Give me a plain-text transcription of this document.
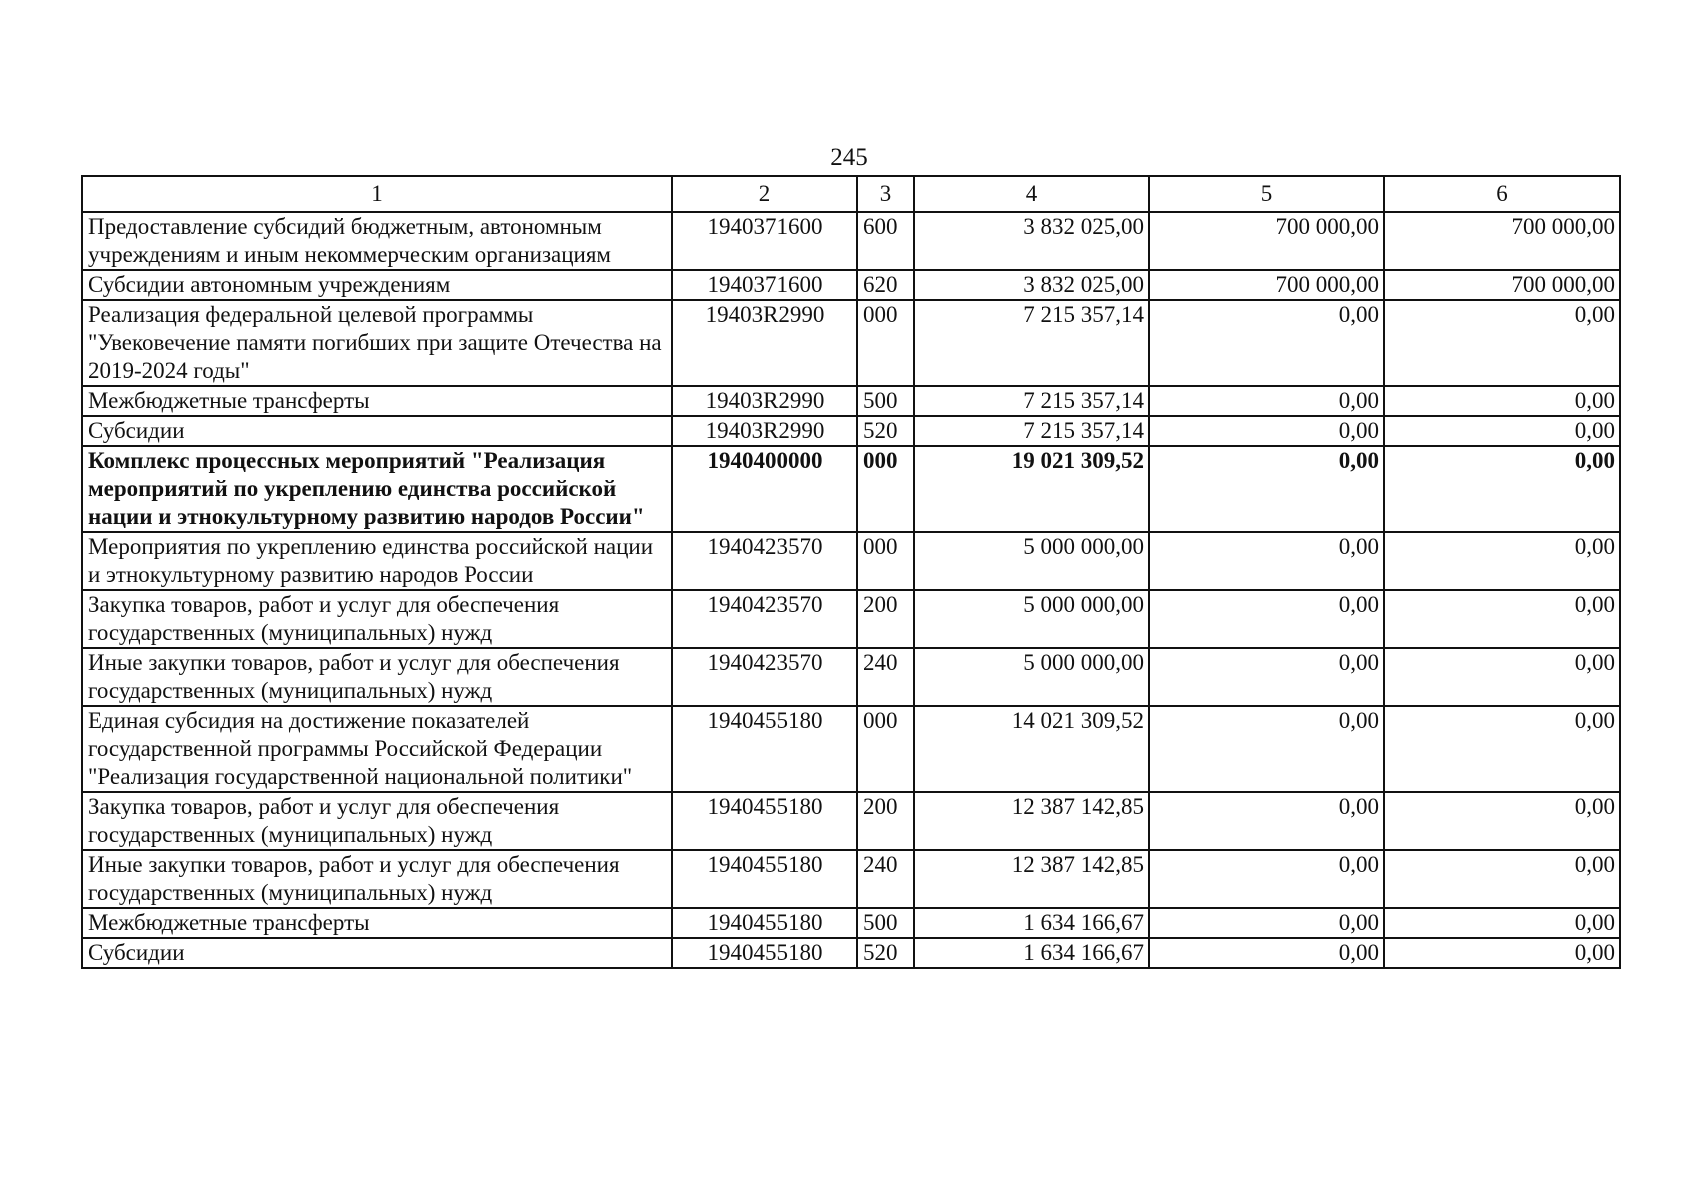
245
1	2	3	4	5	6
Предоставление субсидий бюджетным, автономным учреждениям и иным некоммерческим организациям	1940371600	600	3 832 025,00	700 000,00	700 000,00
Субсидии автономным учреждениям	1940371600	620	3 832 025,00	700 000,00	700 000,00
Реализация федеральной целевой программы "Увековечение памяти погибших при защите Отечества на 2019-2024 годы"	19403R2990	000	7 215 357,14	0,00	0,00
Межбюджетные трансферты	19403R2990	500	7 215 357,14	0,00	0,00
Субсидии	19403R2990	520	7 215 357,14	0,00	0,00
Комплекс процессных мероприятий "Реализация мероприятий по укреплению единства российской нации и этнокультурному развитию народов России"	1940400000	000	19 021 309,52	0,00	0,00
Мероприятия по укреплению единства российской нации и этнокультурному развитию народов России	1940423570	000	5 000 000,00	0,00	0,00
Закупка товаров, работ и услуг для обеспечения государственных (муниципальных) нужд	1940423570	200	5 000 000,00	0,00	0,00
Иные закупки товаров, работ и услуг для обеспечения государственных (муниципальных) нужд	1940423570	240	5 000 000,00	0,00	0,00
Единая субсидия на достижение показателей государственной программы Российской Федерации "Реализация государственной национальной политики"	1940455180	000	14 021 309,52	0,00	0,00
Закупка товаров, работ и услуг для обеспечения государственных (муниципальных) нужд	1940455180	200	12 387 142,85	0,00	0,00
Иные закупки товаров, работ и услуг для обеспечения государственных (муниципальных) нужд	1940455180	240	12 387 142,85	0,00	0,00
Межбюджетные трансферты	1940455180	500	1 634 166,67	0,00	0,00
Субсидии	1940455180	520	1 634 166,67	0,00	0,00
